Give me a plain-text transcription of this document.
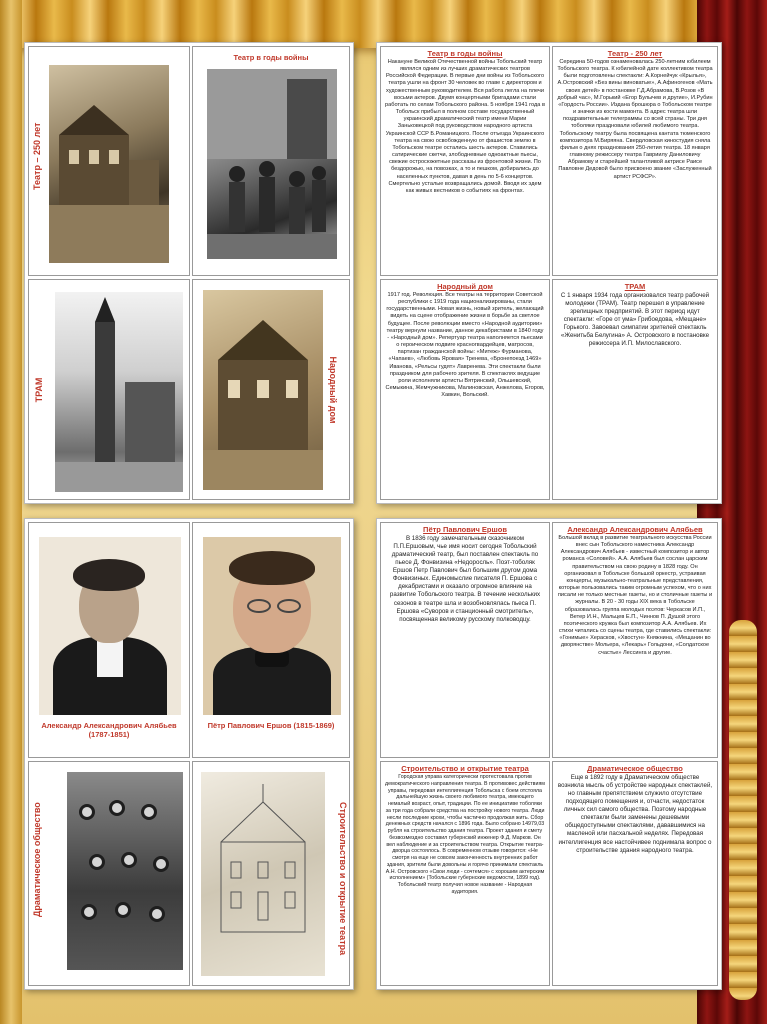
Театр – 250 лет
Театр в годы войны
ТРАМ	Народный дом
Театр в годы войны

Накануне Великой Отечественной войны Тобольский театр являлся одним из лучших драматических театров Российской Федерации. В первые дни войны из Тобольского театра ушли на фронт 30 человек во главе с директором и художественным руководителем. Вся работа легла на плечи восьми актеров. Двумя концертными бригадами стали работать по селам Тобольского района. 5 ноября 1941 года в Тобольск прибыл в полном составе государственный украинский драматический театр имени Марии Заньковецкой под руководством народного артиста Украинской ССР Б.Романицкого. После отъезда Украинского театра на свою освобожденную от фашистов землю в Тобольском театре остались шесть актеров. Ставились сатирические скетчи, злободневные одноактные пьесы, свежие остросюжетные рассказы из фронтовой жизни. По бездорожью, на повозках, а то и пешком, добирались до населенных пунктов, давая в день по 5-6 концертов. Смертельно усталые возвращались домой. Вводя их эдем как живых вестников о событиях на фронтах.

Театр - 250 лет

Середина 50-годов ознаменовалась 250-летним юбилеем Тобольского театра. К юбилейной дате коллективом театра были подготовлены спектакли: А.Корнейчук «Крылья», А.Островский «Без вины виноватые», А.Афиногенов «Мать своих детей» в постановке Г.Д.Абрамова, В.Розов «В добрый час», М.Горький «Егор Булычев и другие», И.Рубин «Гордость России». Издана брошюра о Тобольском театре и значки из кости мамонта. В адрес театра шли поздравительные телеграммы со всей страны. Три дня тоболяки праздновали юбилей любимого театра. Тобольскому театру была посвящена кантата тюменского композитора М.Биряяна. Свердловская киностудия сняла фильм о днях празднования 250-летия театра. 18 января главному режиссеру театра Гавриилу Даниловичу Абрамову и старейшей талантливой актрисе Раисе Павловне Дедовой было присвоено звание «Заслуженный артист РСФСР».

Народный дом

1917 год. Революция. Все театры на территории Советской республики с 1919 года национализированы, стали государственными. Новая жизнь, новый зритель, желающий видеть на сцене отображение жизни в борьбе за светлое будущее. После революции вместо «Народной аудитории» театру вернули название, данное декабристами в 1840 году - «Народный дом». Репертуар театра наполняется пьесами о героическом подвиге красногвардейцев, матросов, партизан гражданской войны: «Митеж» Фурманова, «Чапаев», «Любовь Яровая» Тренева, «Бронепоезд 1469» Иванова, «Рельсы гудят» Лавренева. Эти спектакли были праздником для рабочего зрителя. В спектаклях ведущие роли исполняли артисты Вятринский, Ольшевский, Семыкина, Жемчужникова, Малиновская, Анжелова, Егоров, Хавкин, Вольский.

ТРАМ

С 1 января 1934 года организовался театр рабочей молодежи (ТРАМ). Театр перешел в управление зрелищных предприятий. В этот период идут спектакли: «Горе от ума» Грибоедова, «Мещане» Горького. Завоевал симпатии зрителей спектакль «Женитьба Белугина» А. Островского в постановке режиссера И.П. Милославского.

Александр Александрович Алябьев (1787-1851)
Пётр Павлович Ершов (1815-1869)
Драматическое общество	Строительство и открытие театра
Пётр Павлович Ершов

В 1836 году замечательным сказочником П.П.Ершовым, чье имя носит сегодня Тобольский драматический театр, был поставлен спектакль по пьесе Д. Фонвизина «Недоросль». Поэт-тоболяк Ершов Петр Павлович был большим другом дома Фонвизиных. Единомыслие писателя П. Ершова с декабристами и оказало огромное влияние на развитие Тобольского театра. В течение нескольких сезонов в театре шла и возобновлялась пьеса П. Ершова «Суворов и станционный смотритель», посвященная великому русскому полководцу.

Александр Александрович Алябьев

Большой вклад в развитие театрального искусства России внес сын Тобольского наместника Александр Александрович Алябьев - известный композитор и автор романса «Соловей». А.А. Алябьев был сослан царским правительством на свою родину в 1828 году. Он организовал в Тобольске большой оркестр, устраивая концерты, музыкально-театральные представления, которые пользовались таким огромным успехом, что о них писали не только местные газеты, но и столичные газеты и журналы. В 20 - 30 годы XIX века в Тобольске образовалась группа молодых поэтов: Черкасов И.П., Ветер И.Н., Мальцев Е.П., Чиннов П. Душой этого поэтического кружка был композитор А.А. Алябьев. Их стихи читались со сцены театра, где ставились спектакли: «Гонимые» Херасков, «Хвостун» Княжнина, «Мещанин во дворянстве» Мольера, «Лекарь» Гольдони, «Солдатское счастье» Лессинга и другие.

Строительство и открытие театра

Городская управа категорически протестовала против демократического направления театра. В противовес действиям управы, передовая интеллигенция Тобольска с боем отстояла дальнейшую жизнь своего любимого театра, имеющего немалый возраст, опыт, традиции. По ее инициативе тоболяки за три года собрали средства на постройку нового театра. Люди несли последние крохи, чтобы частично продолжая жить. Сбор денежных средств начался с 1896 года. Было собрано 14979,03 рубля на строительство здания театра. Проект здания и смету безвозмездно составил губернский инженер Ф.Д. Марков. Он вел наблюдение и за строительством театра. Открытие театра-дворца состоялось. В современном отзыве говорится: «Не смотря на еще не совсем законченность внутренних работ здания, зрители были довольны и горячо принимали спектакль А.Н. Островского «Свои люди - сочтемся» с хорошим актерским исполнением» (Тобольские губернские ведомости, 1899 год). Тобольский театр получил новое название - Народная аудитория.

Драматическое общество

Еще в 1892 году в Драматическом обществе возникла мысль об устройстве народных спектаклей, но главным препятствием служило отсутствие подходящего помещения и, отчасти, недостаток личных сил самого общества. Поэтому народные спектакли были заменены дешевыми общедоступными спектаклями, дававшимися на масленой или пасхальной неделях. Передовая интеллигенция все настойчивее поднимала вопрос о строительстве здания народного театра.
